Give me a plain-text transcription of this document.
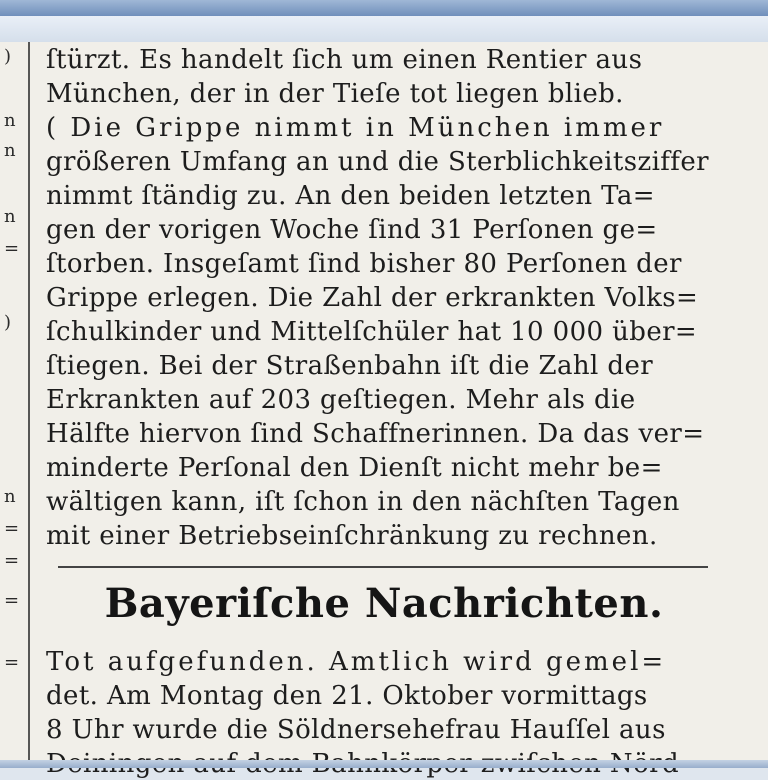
)
n
n
n
=
)
n
=
=
=
=
ſtürzt. Es handelt ſich um einen Rentier aus
München, der in der Tieſe tot liegen blieb.
( Die Grippe nimmt in München immer
größeren Umfang an und die Sterblichkeitsziffer
nimmt ſtändig zu. An den beiden letzten Ta=
gen der vorigen Woche ſind 31 Perſonen ge=
ſtorben. Insgeſamt ſind bisher 80 Perſonen der
Grippe erlegen. Die Zahl der erkrankten Volks=
ſchulkinder und Mittelſchüler hat 10 000 über=
ſtiegen. Bei der Straßenbahn iſt die Zahl der
Erkrankten auf 203 geſtiegen. Mehr als die
Hälfte hiervon ſind Schaffnerinnen. Da das ver=
minderte Perſonal den Dienſt nicht mehr be=
wältigen kann, iſt ſchon in den nächſten Tagen
mit einer Betriebseinſchränkung zu rechnen.
Tot aufgefunden. Amtlich wird gemel=
det. Am Montag den 21. Oktober vormittags
8 Uhr wurde die Söldnersehefrau Hauſſel aus
Bayeriſche Nachrichten.
